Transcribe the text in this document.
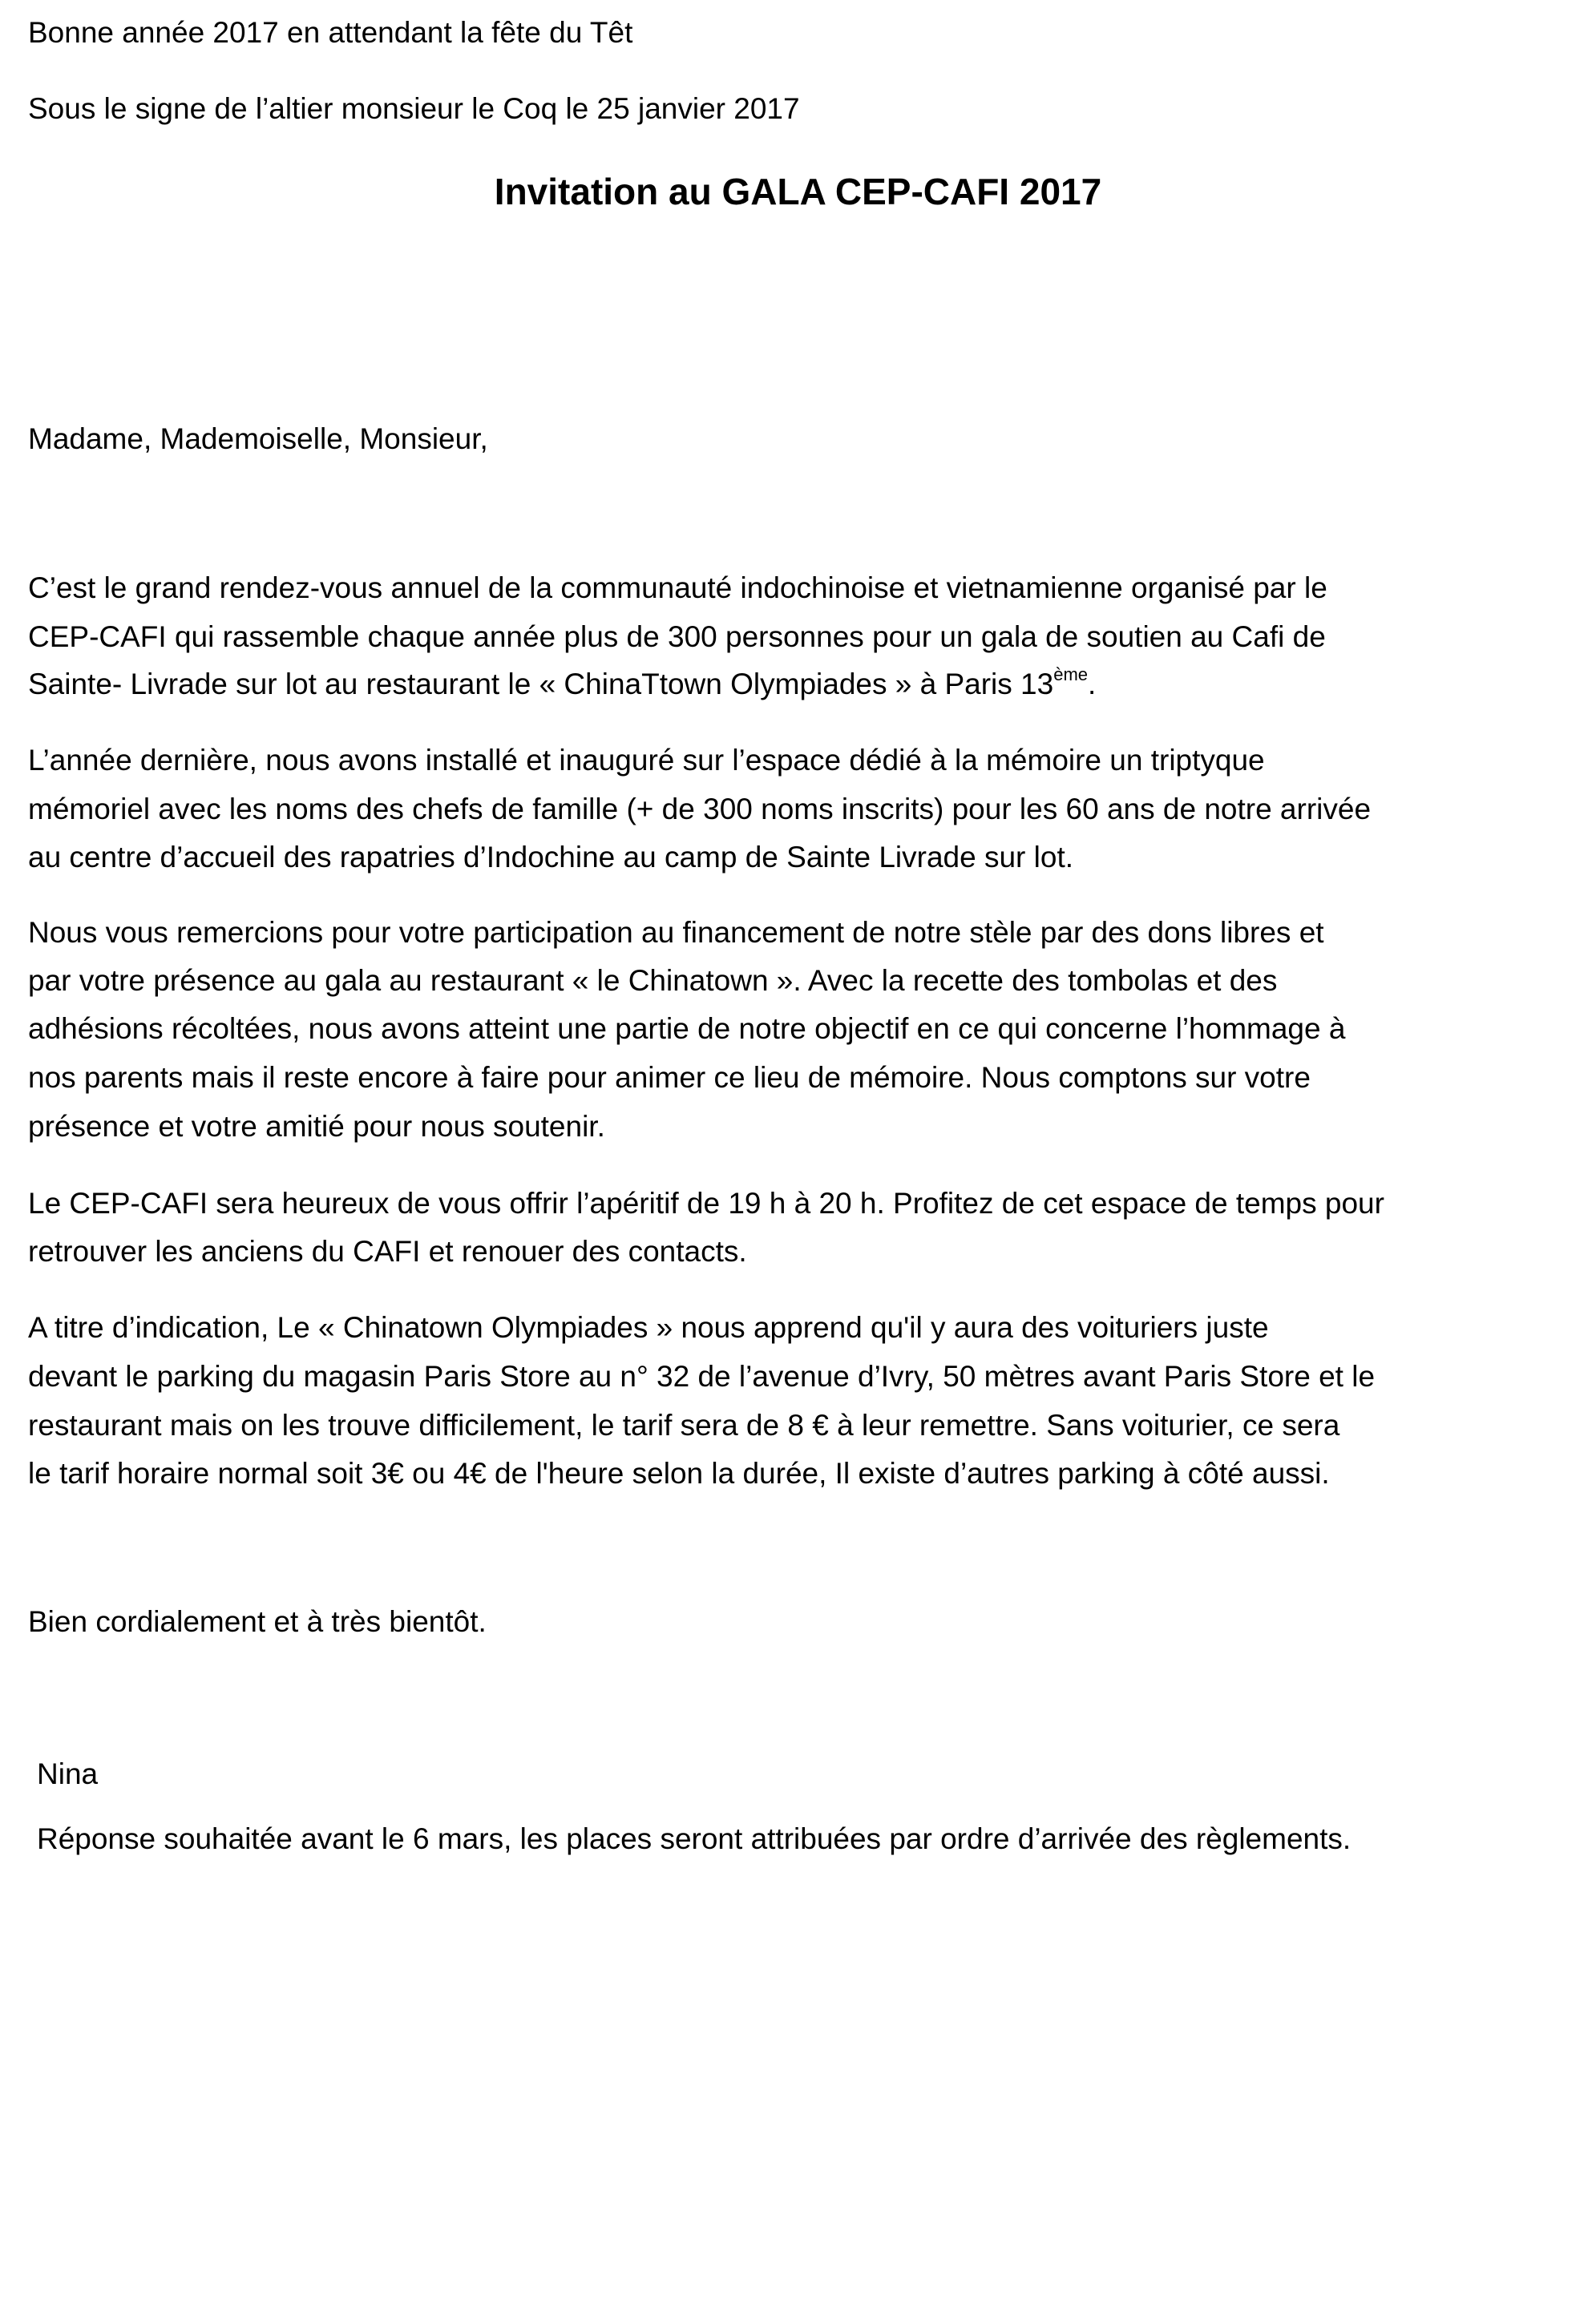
Bonne année 2017 en attendant la fête du Têt
Sous le signe de l’altier monsieur le Coq le 25 janvier 2017
Invitation au GALA CEP-CAFI 2017
Madame, Mademoiselle, Monsieur,
C’est le grand rendez-vous annuel de la communauté indochinoise et vietnamienne organisé par le
CEP-CAFI qui rassemble chaque année plus de 300 personnes pour un gala de soutien au Cafi de
Sainte- Livrade sur lot au restaurant le « ChinaTtown Olympiades » à Paris 13ème.
L’année dernière, nous avons installé et inauguré sur l’espace dédié à la mémoire un triptyque
mémoriel avec les noms des chefs de famille (+ de 300 noms inscrits) pour les 60 ans de notre arrivée
au centre d’accueil des rapatries d’Indochine au camp de Sainte Livrade sur lot.
Nous vous remercions pour votre participation au financement de notre stèle par des dons libres et
par votre présence au gala au restaurant « le Chinatown ». Avec la recette des tombolas et des
adhésions récoltées, nous avons atteint une partie de notre objectif en ce qui concerne l’hommage à
nos parents mais il reste encore à faire pour animer ce lieu de mémoire. Nous comptons sur votre
présence et votre amitié pour nous soutenir.
Le CEP-CAFI sera heureux de vous offrir l’apéritif de 19 h à 20 h. Profitez de cet espace de temps pour
retrouver les anciens du CAFI et renouer des contacts.
A titre d’indication, Le « Chinatown Olympiades » nous apprend qu'il y aura des voituriers juste
devant le parking du magasin Paris Store au n° 32 de l’avenue d’Ivry, 50 mètres avant Paris Store et le
restaurant mais on les trouve difficilement, le tarif sera de 8 € à leur remettre. Sans voiturier, ce sera
le tarif horaire normal soit 3€ ou 4€ de l'heure selon la durée, Il existe d’autres parking à côté aussi.
Bien cordialement et à très bientôt.
Nina
Réponse souhaitée avant le 6 mars, les places seront attribuées par ordre d’arrivée des règlements.
